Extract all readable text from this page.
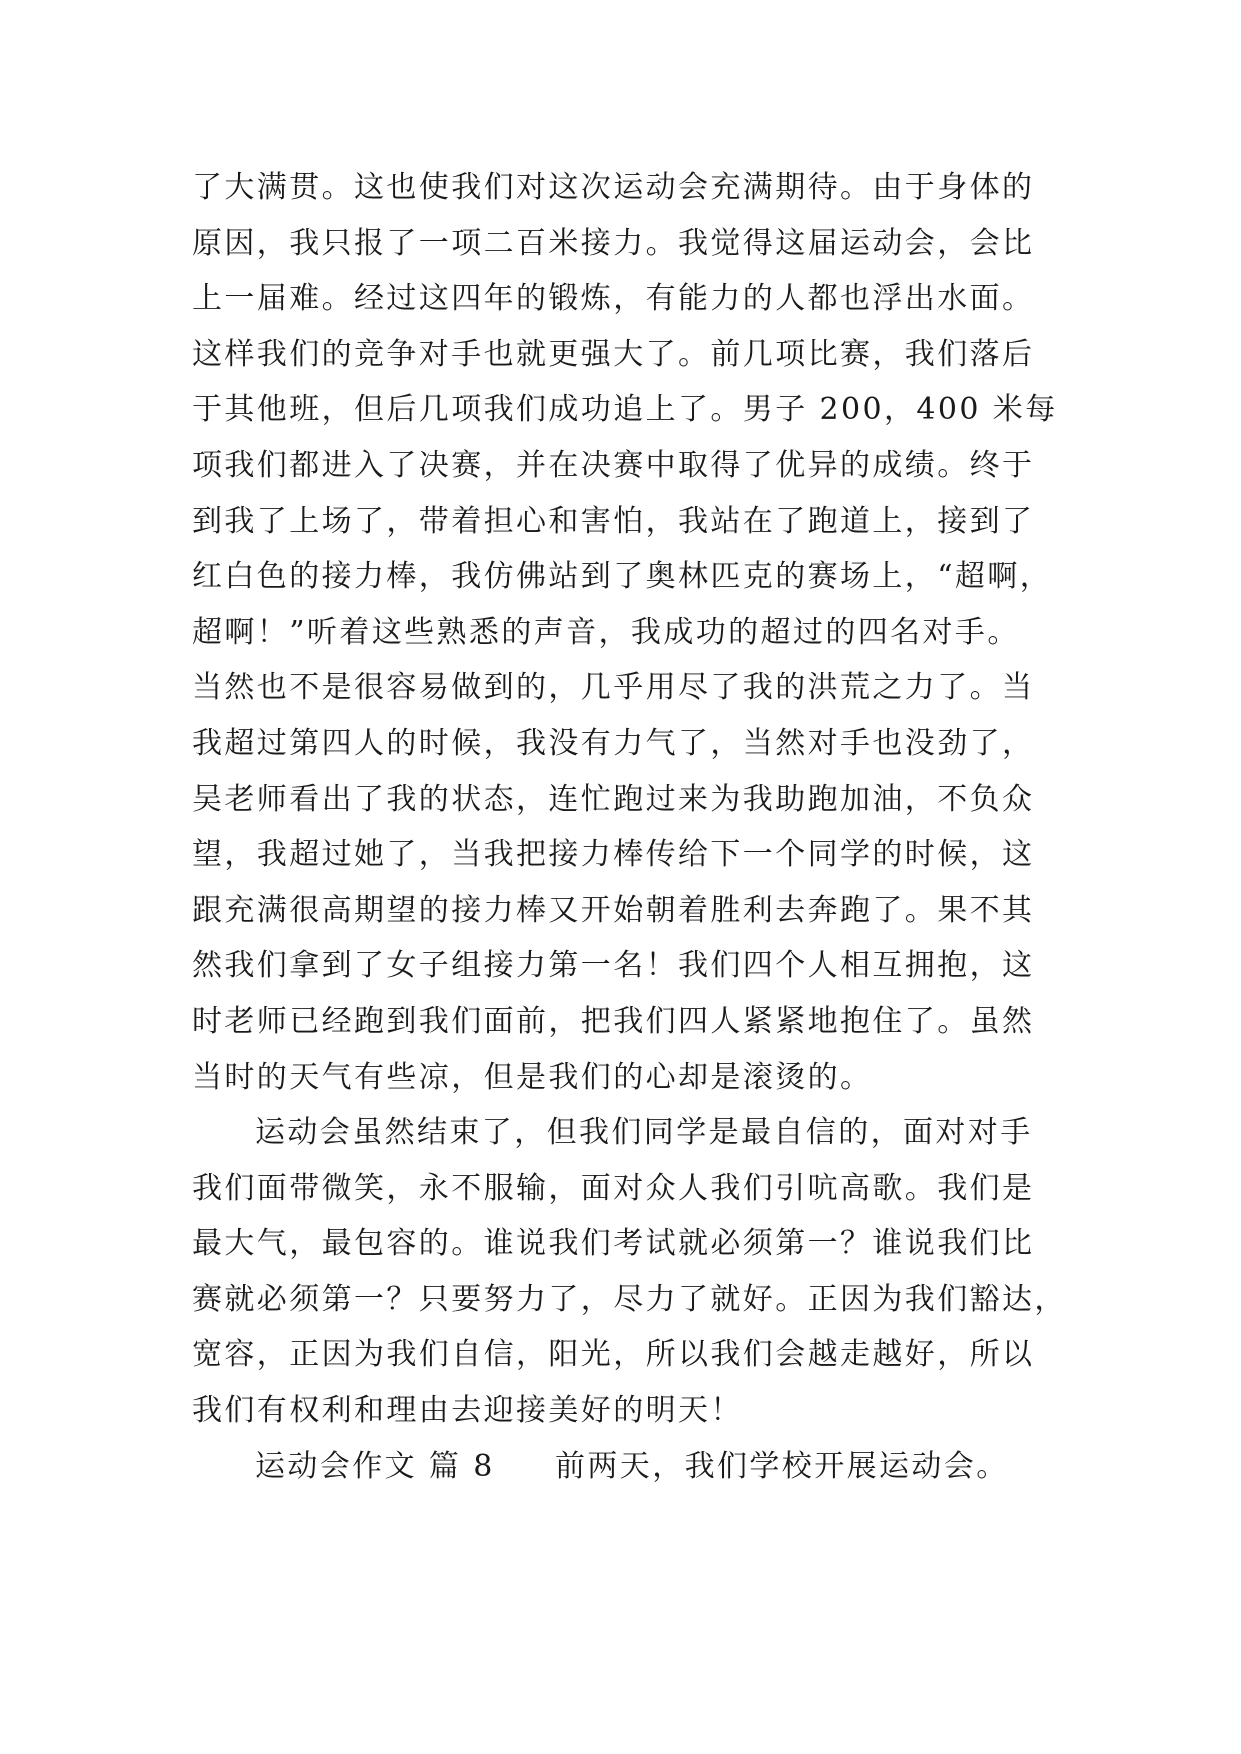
了大满贯。这也使我们对这次运动会充满期待。由于身体的
原因，我只报了一项二百米接力。我觉得这届运动会，会比
上一届难。经过这四年的锻炼，有能力的人都也浮出水面。
这样我们的竞争对手也就更强大了。前几项比赛，我们落后
于其他班，但后几项我们成功追上了。男子 200，400 米每
项我们都进入了决赛，并在决赛中取得了优异的成绩。终于
到我了上场了，带着担心和害怕，我站在了跑道上，接到了
红白色的接力棒，我仿佛站到了奥林匹克的赛场上，“超啊，
超啊！”听着这些熟悉的声音，我成功的超过的四名对手。
当然也不是很容易做到的，几乎用尽了我的洪荒之力了。当
我超过第四人的时候，我没有力气了，当然对手也没劲了，
吴老师看出了我的状态，连忙跑过来为我助跑加油，不负众
望，我超过她了，当我把接力棒传给下一个同学的时候，这
跟充满很高期望的接力棒又开始朝着胜利去奔跑了。果不其
然我们拿到了女子组接力第一名！我们四个人相互拥抱，这
时老师已经跑到我们面前，把我们四人紧紧地抱住了。虽然
当时的天气有些凉，但是我们的心却是滚烫的。
运动会虽然结束了，但我们同学是最自信的，面对对手
我们面带微笑，永不服输，面对众人我们引吭高歌。我们是
最大气，最包容的。谁说我们考试就必须第一？谁说我们比
赛就必须第一？只要努力了，尽力了就好。正因为我们豁达，
宽容，正因为我们自信，阳光，所以我们会越走越好，所以
我们有权利和理由去迎接美好的明天！
运动会作文 篇 8	前两天，我们学校开展运动会。
